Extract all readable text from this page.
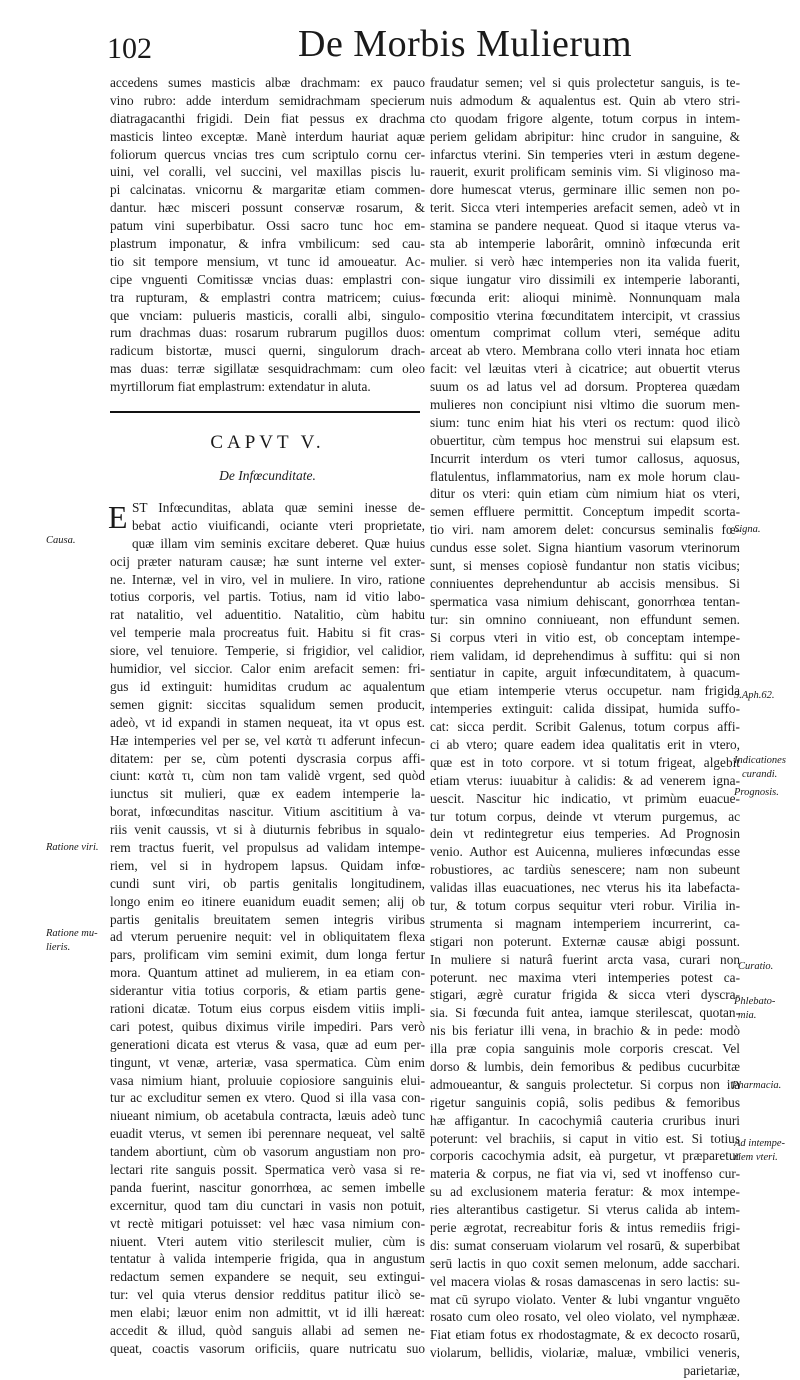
102	De Morbis Mulierum
accedens sumes masticis albæ drachmam: ex pauco
vino rubro: adde interdum semidrachmam specierum
diatragacanthi frigidi. Dein fiat pessus ex drachma
masticis linteo exceptæ. Manè interdum hauriat aquæ
foliorum quercus vncias tres cum scriptulo cornu cer-
uini, vel coralli, vel succini, vel maxillas piscis lu-
pi calcinatas. vnicornu & margaritæ etiam commen-
dantur. hæc misceri possunt conservæ rosarum, &
patum vini superbibatur. Ossi sacro tunc hoc em-
plastrum imponatur, & infra vmbilicum: sed cau-
tio sit tempore mensium, vt tunc id amoueatur. Ac-
cipe vnguenti Comitissæ vncias duas: emplastri con-
tra rupturam, & emplastri contra matricem; cuius-
que vnciam: pulueris masticis, coralli albi, singulo-
rum drachmas duas: rosarum rubrarum pugillos duos:
radicum bistortæ, musci querni, singulorum drach-
mas duas: terræ sigillatæ sesquidrachmam: cum oleo
myrtillorum fiat emplastrum: extendatur in aluta.
CAPVT V.
De Infœcunditate.
E ST Infœcunditas, ablata quæ semini inesse de-
bebat actio viuificandi, ociante vteri proprietate,
quæ illam vim seminis excitare deberet. Quæ huius
ocij præter naturam causæ; hæ sunt interne vel exter-
ne. Internæ, vel in viro, vel in muliere. In viro, ratione
totius corporis, vel partis. Totius, nam id vitio labo-
rat natalitio, vel aduentitio. Natalitio, cùm habitu
vel temperie mala procreatus fuit. Habitu si fit cras-
siore, vel tenuiore. Temperie, si frigidior, vel calidior,
humidior, vel siccior. Calor enim arefacit semen: fri-
gus id extinguit: humiditas crudum ac aqualentum
semen gignit: siccitas squalidum semen producit,
adeò, vt id expandi in stamen nequeat, ita vt opus est.
Hæ intemperies vel per se, vel κατὰ τι adferunt infecun-
ditatem: per se, cùm potenti dyscrasia corpus affi-
ciunt: κατὰ τι, cùm non tam validè vrgent, sed quòd
iunctus sit mulieri, quæ ex eadem intemperie la-
borat, infœcunditas nascitur. Vitium ascititium à va-
riis venit caussis, vt si à diuturnis febribus in squalo-
rem tractus fuerit, vel propulsus ad validam intempe-
riem, vel si in hydropem lapsus. Quidam infœ-
cundi sunt viri, ob partis genitalis longitudinem,
longo enim eo itinere euanidum euadit semen; alij ob
partis genitalis breuitatem semen integris viribus
ad vterum peruenire nequit: vel in obliquitatem flexa
pars, prolificam vim semini eximit, dum longa fertur
mora. Quantum attinet ad mulierem, in ea etiam con-
siderantur vitia totius corporis, & etiam partis gene-
rationi dicatæ. Totum eius corpus eisdem vitiis impli-
cari potest, quibus diximus virile impediri. Pars verò
generationi dicata est vterus & vasa, quæ ad eum per-
tingunt, vt venæ, arteriæ, vasa spermatica. Cùm enim
vasa nimium hiant, proluuie copiosiore sanguinis elui-
tur ac excluditur semen ex vtero. Quod si illa vasa con-
niueant nimium, ob acetabula contracta, læuis adeò tunc
euadit vterus, vt semen ibi perennare nequeat, vel saltē
tandem abortiunt, cùm ob vasorum angustiam non pro-
lectari rite sanguis possit. Spermatica verò vasa si re-
panda fuerint, nascitur gonorrhœa, ac semen imbelle
excernitur, quod tam diu cunctari in vasis non potuit,
vt rectè mitigari potuisset: vel hæc vasa nimium con-
niuent. Vteri autem vitio sterilescit mulier, cùm is
tentatur à valida intemperie frigida, qua in angustum
redactum semen expandere se nequit, seu extingui-
tur: vel quia vterus densior redditus patitur ilicò se-
men elabi; læuor enim non admittit, vt id illi hæreat:
accedit & illud, quòd sanguis allabi ad semen ne-
queat, coactis vasorum orificiis, quare nutricatu suo
fraudatur semen; vel si quis prolectetur sanguis, is te-
nuis admodum & aqualentus est. Quin ab vtero stri-
cto quodam frigore algente, totum corpus in intem-
periem gelidam abripitur: hinc crudor in sanguine, &
infarctus vterini. Sin temperies vteri in æstum degene-
rauerit, exurit prolificam seminis vim. Si vliginoso ma-
dore humescat vterus, germinare illic semen non po-
terit. Sicca vteri intemperies arefacit semen, adeò vt in
stamina se pandere nequeat. Quod si itaque vterus va-
sta ab intemperie laborârit, omninò infœcunda erit
mulier. si verò hæc intemperies non ita valida fuerit,
sique iungatur viro dissimili ex intemperie laboranti,
fœcunda erit: alioqui minimè. Nonnunquam mala
compositio vterina fœcunditatem intercipit, vt crassius
omentum comprimat collum vteri, seméque aditu
arceat ab vtero. Membrana collo vteri innata hoc etiam
facit: vel læuitas vteri à cicatrice; aut obuertit vterus
suum os ad latus vel ad dorsum. Propterea quædam
mulieres non concipiunt nisi vltimo die suorum men-
sium: tunc enim hiat his vteri os rectum: quod ilicò
obuertitur, cùm tempus hoc menstrui sui elapsum est.
Incurrit interdum os vteri tumor callosus, aquosus,
flatulentus, inflammatorius, nam ex mole horum clau-
ditur os vteri: quin etiam cùm nimium hiat os vteri,
semen effluere permittit. Conceptum impedit scorta-
tio viri. nam amorem delet: concursus seminalis fœ-
cundus esse solet. Signa hiantium vasorum vterinorum
sunt, si menses copiosè fundantur non statis vicibus;
conniuentes deprehenduntur ab accisis mensibus. Si
spermatica vasa nimium dehiscant, gonorrhœa tentan-
tur: sin omnino conniueant, non effundunt semen.
Si corpus vteri in vitio est, ob conceptam intempe-
riem validam, id deprehendimus à suffitu: qui si non
sentiatur in capite, arguit infœcunditatem, à quacum-
que etiam intemperie vterus occupetur. nam frigida
intemperies extinguit: calida dissipat, humida suffo-
cat: sicca perdit. Scribit Galenus, totum corpus affi-
ci ab vtero; quare eadem idea qualitatis erit in vtero,
quæ est in toto corpore. vt si totum frigeat, algebit
etiam vterus: iuuabitur à calidis: & ad venerem igna-
uescit. Nascitur hic indicatio, vt primùm euacue-
tur totum corpus, deinde vt vterum purgemus, ac
dein vt redintegretur eius temperies. Ad Prognosin
venio. Author est Auicenna, mulieres infœcundas esse
robustiores, ac tardiùs senescere; nam non subeunt
validas illas euacuationes, nec vterus his ita labefacta-
tur, & totum corpus sequitur vteri robur. Virilia in-
strumenta si magnam intemperiem incurrerint, ca-
stigari non poterunt. Externæ causæ abigi possunt.
In muliere si naturâ fuerint arcta vasa, curari non
poterunt. nec maxima vteri intemperies potest ca-
stigari, ægrè curatur frigida & sicca vteri dyscra-
sia. Si fœcunda fuit antea, iamque sterilescat, quotan-
nis bis feriatur illi vena, in brachio & in pede: modò
illa præ copia sanguinis mole corporis crescat. Vel
dorso & lumbis, dein femoribus & pedibus cucurbitæ
admoueantur, & sanguis prolectetur. Si corpus non ita
rigetur sanguinis copiâ, solis pedibus & femoribus
hæ affigantur. In cacochymiâ cauteria cruribus inuri
poterunt: vel brachiis, si caput in vitio est. Si totius
corporis cacochymia adsit, eà purgetur, vt præparetur
materia & corpus, ne fiat via vi, sed vt inoffenso cur-
su ad exclusionem materia feratur: & mox intempe-
ries alterantibus castigetur. Si vterus calida ab intem-
perie ægrotat, recreabitur foris & intus remediis frigi-
dis: sumat conseruam violarum vel rosarū, & superbibat
serū lactis in quo coxit semen melonum, adde sacchari.
vel macera violas & rosas damascenas in sero lactis: su-
mat cū syrupo violato. Venter & lubi vngantur vnguēto
rosato cum oleo rosato, vel oleo violato, vel nymphææ.
Fiat etiam fotus ex rhodostagmate, & ex decocto rosarū,
violarum, bellidis, violariæ, maluæ, vmbilici veneris,
parietariæ,
Causa.
Ratione viri.
Ratione mu-
lieris.
Signa.
5.Aph.62.
Indicationes
curandi.
Prognosis.
Curatio.
Phlebato-
mia.
Pharmacia.
Ad intempe-
riem vteri.
